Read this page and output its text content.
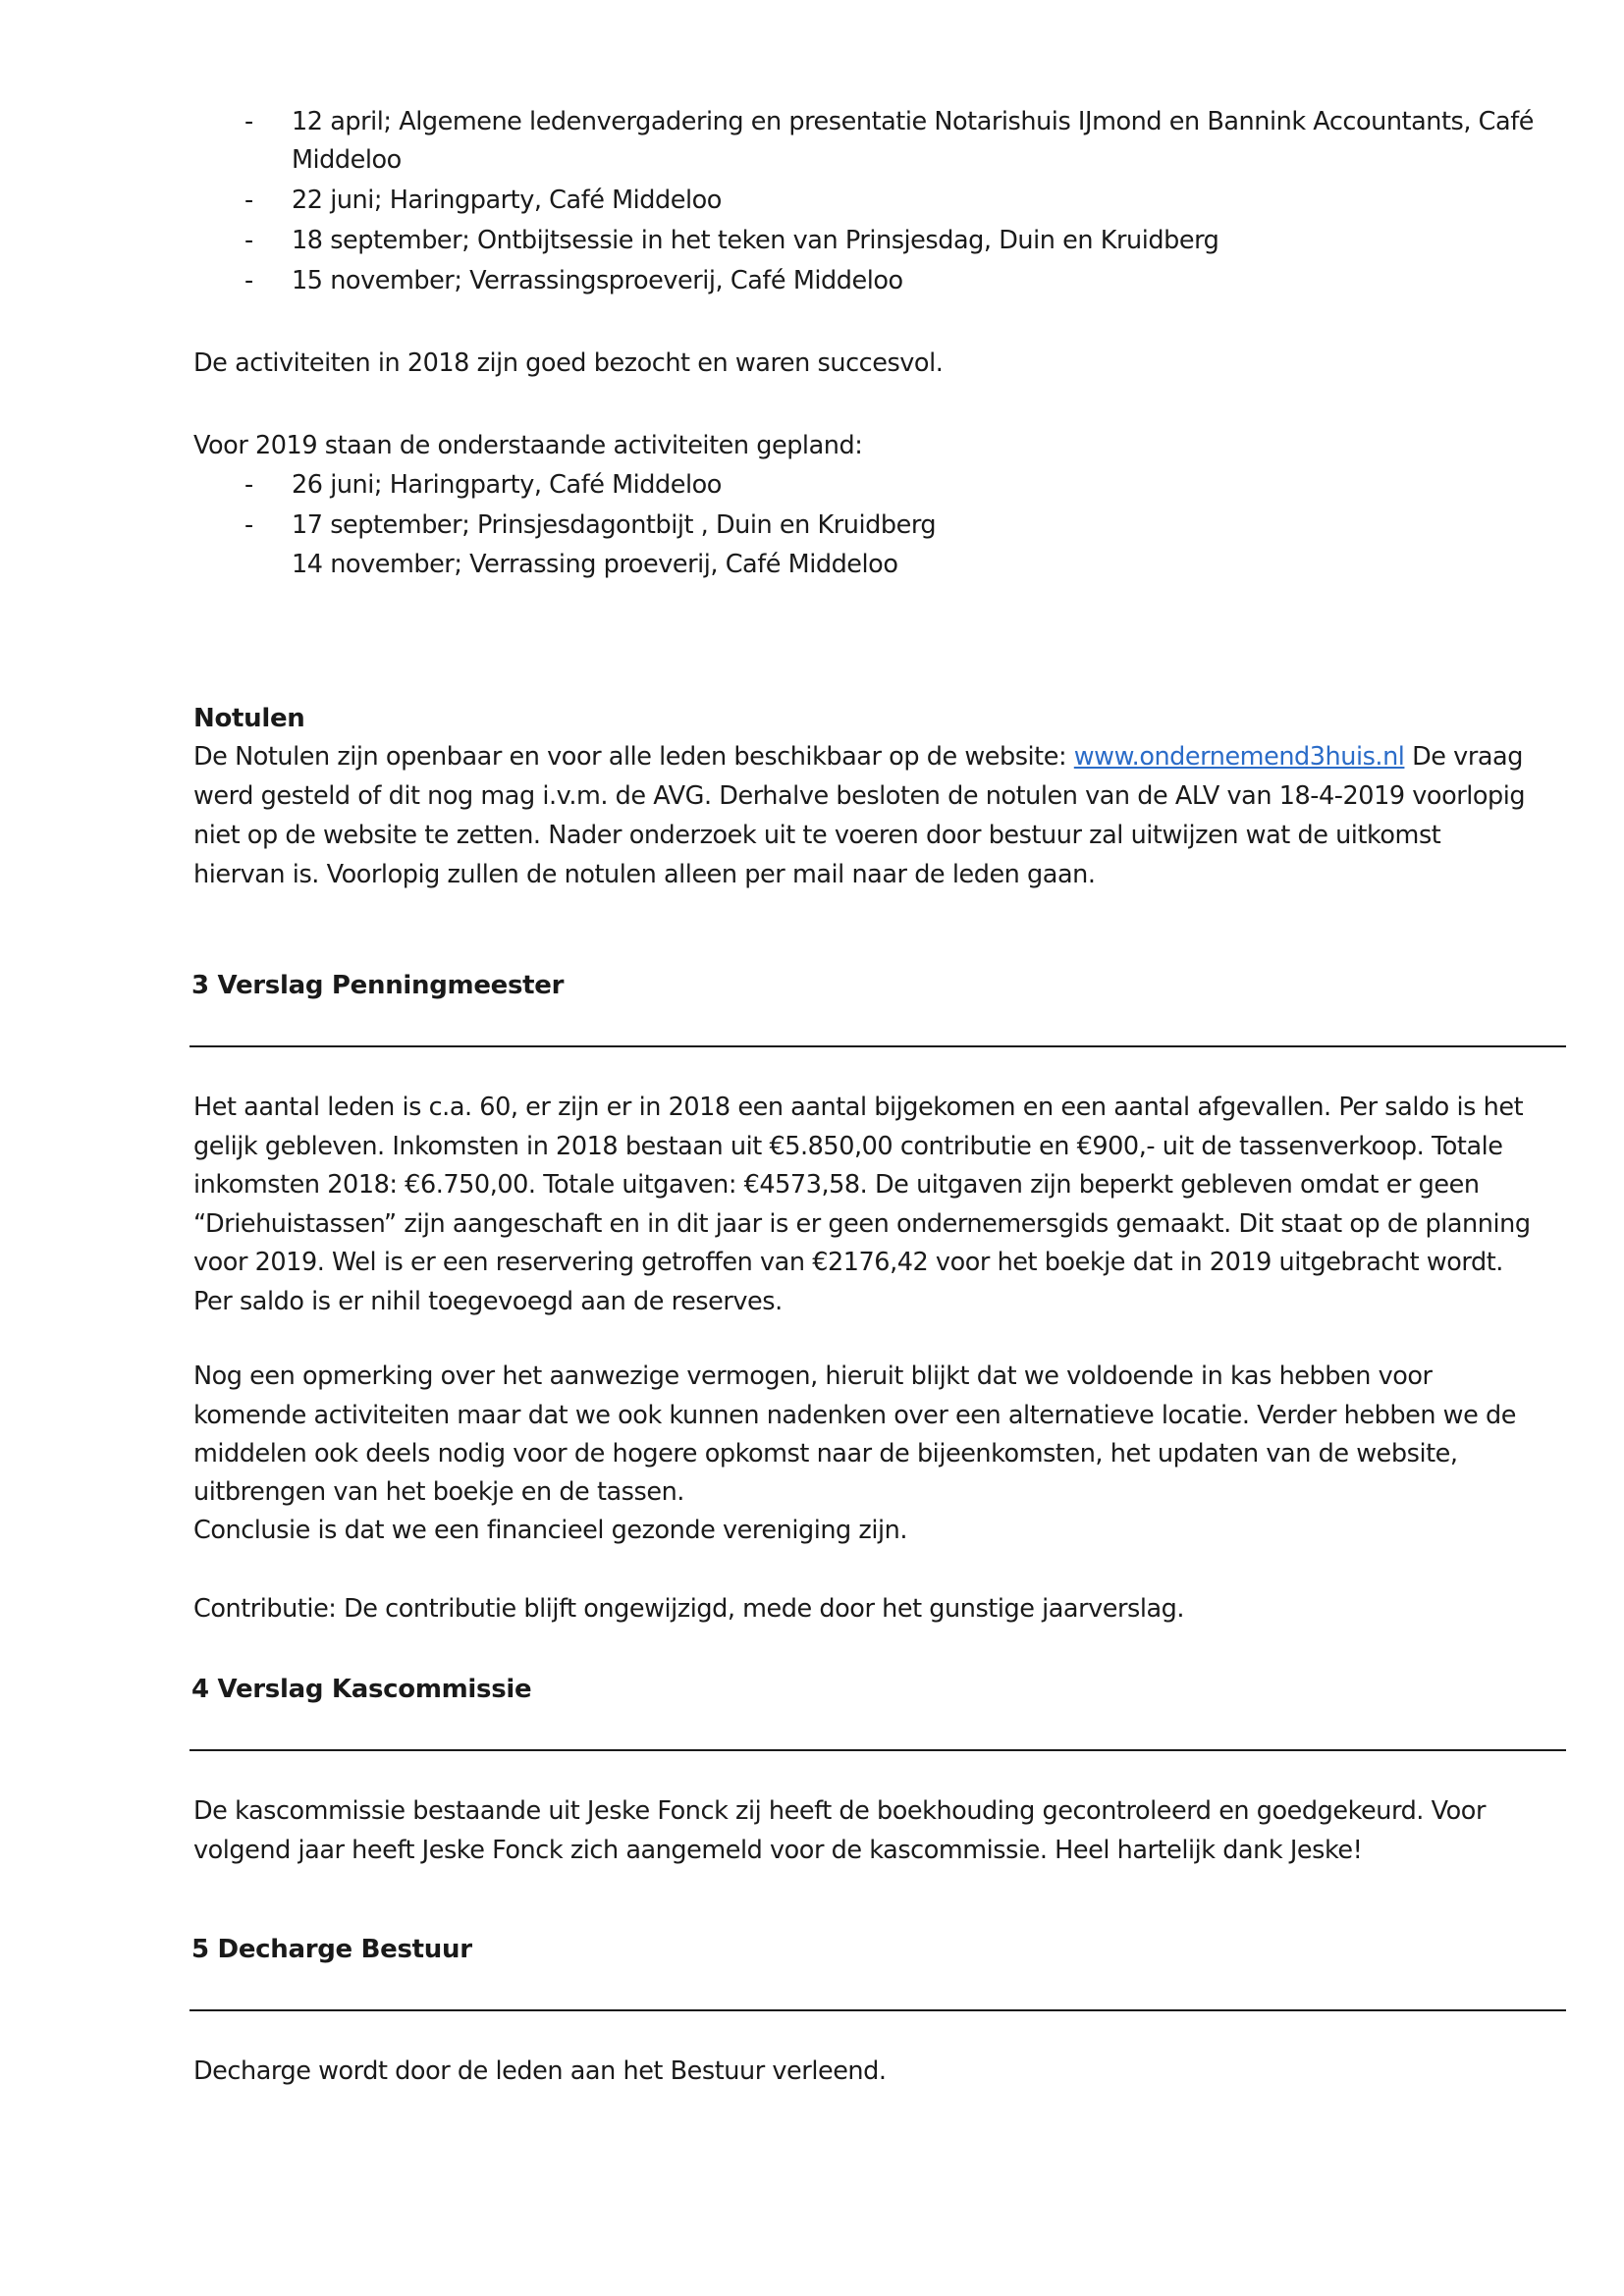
- 12 april; Algemene ledenvergadering en presentatie Notarishuis IJmond en Bannink Accountants, Café
Middeloo
- 22 juni; Haringparty, Café Middeloo
- 18 september; Ontbijtsessie in het teken van Prinsjesdag, Duin en Kruidberg
- 15 november; Verrassingsproeverij, Café Middeloo
De activiteiten in 2018 zijn goed bezocht en waren succesvol.
Voor 2019 staan de onderstaande activiteiten gepland:
- 26 juni; Haringparty, Café Middeloo
- 17 september; Prinsjesdagontbijt , Duin en Kruidberg
14 november; Verrassing proeverij, Café Middeloo
Notulen
De Notulen zijn openbaar en voor alle leden beschikbaar op de website: www.ondernemend3huis.nl De vraag
werd gesteld of dit nog mag i.v.m. de AVG. Derhalve besloten de notulen van de ALV van 18-4-2019 voorlopig
niet op de website te zetten. Nader onderzoek uit te voeren door bestuur zal uitwijzen wat de uitkomst
hiervan is. Voorlopig zullen de notulen alleen per mail naar de leden gaan.
3 Verslag Penningmeester
Het aantal leden is c.a. 60, er zijn er in 2018 een aantal bijgekomen en een aantal afgevallen. Per saldo is het
gelijk gebleven. Inkomsten in 2018 bestaan uit €5.850,00 contributie en €900,- uit de tassenverkoop. Totale
inkomsten 2018: €6.750,00. Totale uitgaven: €4573,58. De uitgaven zijn beperkt gebleven omdat er geen
“Driehuistassen” zijn aangeschaft en in dit jaar is er geen ondernemersgids gemaakt. Dit staat op de planning
voor 2019. Wel is er een reservering getroffen van €2176,42 voor het boekje dat in 2019 uitgebracht wordt.
Per saldo is er nihil toegevoegd aan de reserves.
Nog een opmerking over het aanwezige vermogen, hieruit blijkt dat we voldoende in kas hebben voor
komende activiteiten maar dat we ook kunnen nadenken over een alternatieve locatie. Verder hebben we de
middelen ook deels nodig voor de hogere opkomst naar de bijeenkomsten, het updaten van de website,
uitbrengen van het boekje en de tassen.
Conclusie is dat we een financieel gezonde vereniging zijn.
Contributie: De contributie blijft ongewijzigd, mede door het gunstige jaarverslag.
4 Verslag Kascommissie
De kascommissie bestaande uit Jeske Fonck zij heeft de boekhouding gecontroleerd en goedgekeurd. Voor
volgend jaar heeft Jeske Fonck zich aangemeld voor de kascommissie. Heel hartelijk dank Jeske!
5 Decharge Bestuur
Decharge wordt door de leden aan het Bestuur verleend.
